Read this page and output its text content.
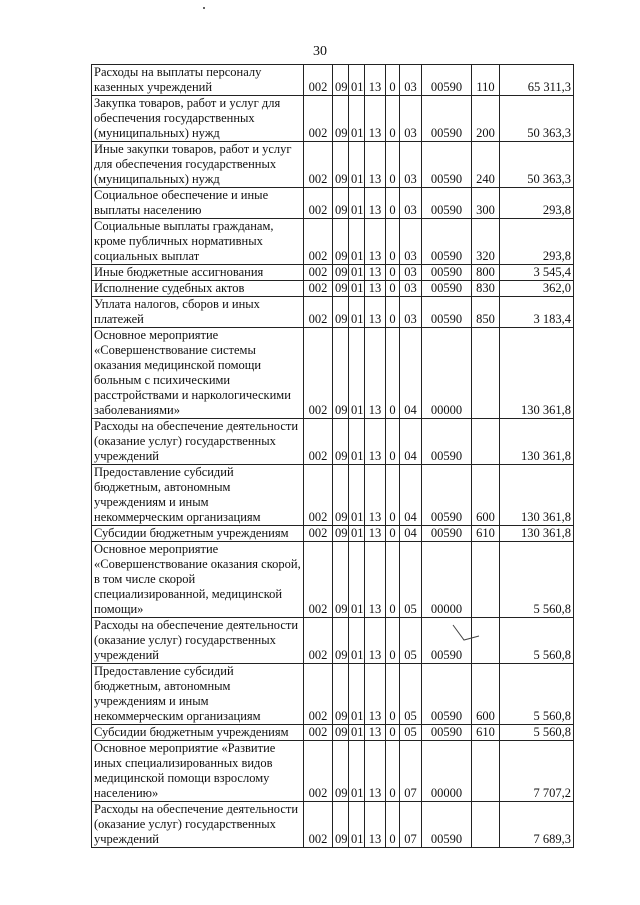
30
Расходы на выплаты персоналу казенных учреждений	002	09	01	13	0	03	00590	110	65 311,3
Закупка товаров, работ и услуг для обеспечения государственных (муниципальных) нужд	002	09	01	13	0	03	00590	200	50 363,3
Иные закупки товаров, работ и услуг для обеспечения государственных (муниципальных) нужд	002	09	01	13	0	03	00590	240	50 363,3
Социальное обеспечение и иные выплаты населению	002	09	01	13	0	03	00590	300	293,8
Социальные выплаты гражданам, кроме публичных нормативных социальных выплат	002	09	01	13	0	03	00590	320	293,8
Иные бюджетные ассигнования	002	09	01	13	0	03	00590	800	3 545,4
Исполнение судебных актов	002	09	01	13	0	03	00590	830	362,0
Уплата налогов, сборов и иных платежей	002	09	01	13	0	03	00590	850	3 183,4
Основное мероприятие «Совершенствование системы оказания медицинской помощи больным с психическими расстройствами и наркологическими заболеваниями»	002	09	01	13	0	04	00000		130 361,8
Расходы на обеспечение деятельности (оказание услуг) государственных учреждений	002	09	01	13	0	04	00590		130 361,8
Предоставление субсидий бюджетным, автономным учреждениям и иным некоммерческим организациям	002	09	01	13	0	04	00590	600	130 361,8
Субсидии бюджетным учреждениям	002	09	01	13	0	04	00590	610	130 361,8
Основное мероприятие «Совершенствование оказания скорой, в том числе скорой специализированной, медицинской помощи»	002	09	01	13	0	05	00000		5 560,8
Расходы на обеспечение деятельности (оказание услуг) государственных учреждений	002	09	01	13	0	05	00590		5 560,8
Предоставление субсидий бюджетным, автономным учреждениям и иным некоммерческим организациям	002	09	01	13	0	05	00590	600	5 560,8
Субсидии бюджетным учреждениям	002	09	01	13	0	05	00590	610	5 560,8
Основное мероприятие «Развитие иных специализированных видов медицинской помощи взрослому населению»	002	09	01	13	0	07	00000		7 707,2
Расходы на обеспечение деятельности (оказание услуг) государственных учреждений	002	09	01	13	0	07	00590		7 689,3
